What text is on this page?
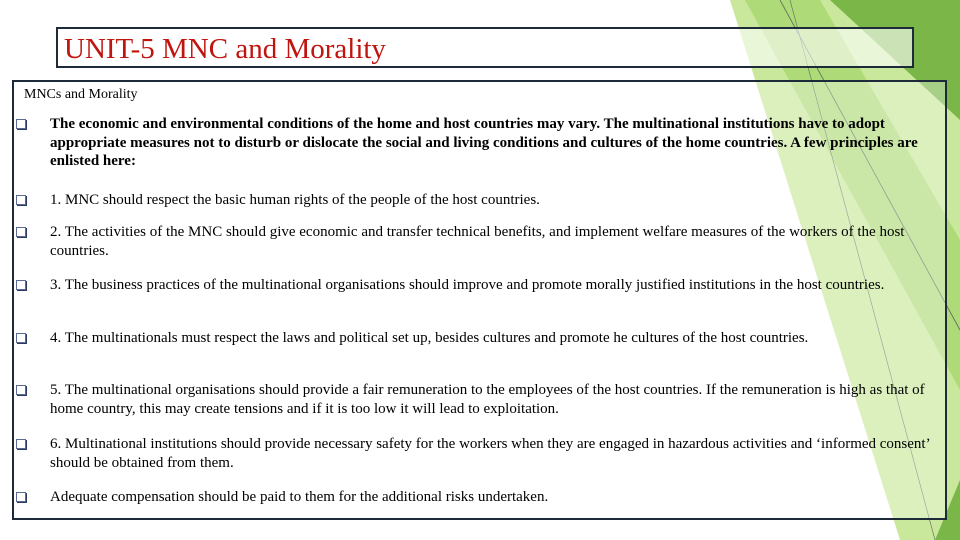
UNIT-5 MNC and Morality
MNCs and Morality

The economic and environmental conditions of the home and host countries may vary. The multinational institutions have to adopt appropriate measures not to disturb or dislocate the social and living conditions and cultures of the home countries. A few principles are enlisted here:

1. MNC should respect the basic human rights of the people of the host countries.

2. The activities of the MNC should give economic and transfer technical benefits, and implement welfare measures of the workers of the host countries.

3. The business practices of the multinational organisations should improve and promote morally justified institutions in the host countries.

4. The multinationals must respect the laws and political set up, besides cultures and promote he cultures of the host countries.

5. The multinational organisations should provide a fair remuneration to the employees of the host countries. If the remuneration is high as that of home country, this may create tensions and if it is too low it will lead to exploitation.

6. Multinational institutions should provide necessary safety for the workers when they are engaged in hazardous activities and ‘informed consent’ should be obtained from them.

Adequate compensation should be paid to them for the additional risks undertaken.
